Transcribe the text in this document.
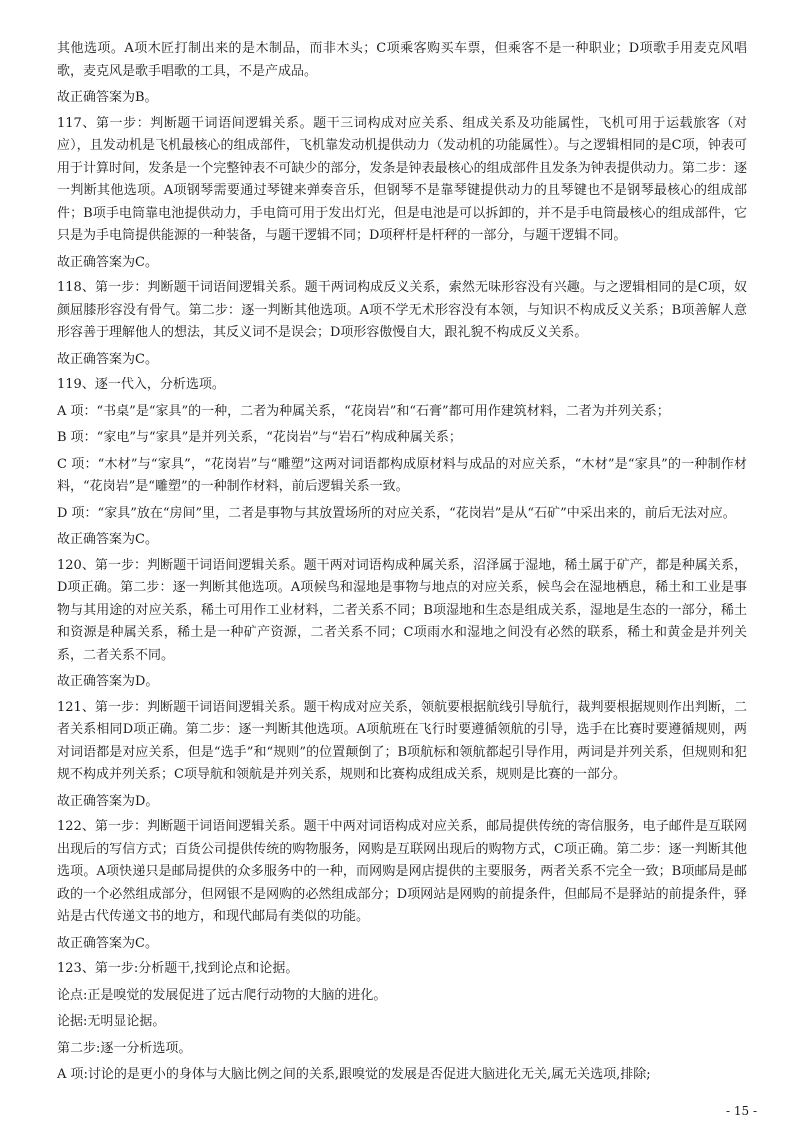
其他选项。A项木匠打制出来的是木制品，而非木头；C项乘客购买车票，但乘客不是一种职业；D项歌手用麦克风唱歌，麦克风是歌手唱歌的工具，不是产成品。

故正确答案为B。

117、第一步：判断题干词语间逻辑关系。题干三词构成对应关系、组成关系及功能属性，飞机可用于运载旅客（对应），且发动机是飞机最核心的组成部件，飞机靠发动机提供动力（发动机的功能属性）。与之逻辑相同的是C项，钟表可用于计算时间，发条是一个完整钟表不可缺少的部分，发条是钟表最核心的组成部件且发条为钟表提供动力。第二步：逐一判断其他选项。A项钢琴需要通过琴键来弹奏音乐，但钢琴不是靠琴键提供动力的且琴键也不是钢琴最核心的组成部件；B项手电筒靠电池提供动力，手电筒可用于发出灯光，但是电池是可以拆卸的，并不是手电筒最核心的组成部件，它只是为手电筒提供能源的一种装备，与题干逻辑不同；D项秤杆是杆秤的一部分，与题干逻辑不同。

故正确答案为C。

118、第一步：判断题干词语间逻辑关系。题干两词构成反义关系，索然无味形容没有兴趣。与之逻辑相同的是C项，奴颜屈膝形容没有骨气。第二步：逐一判断其他选项。A项不学无术形容没有本领，与知识不构成反义关系；B项善解人意形容善于理解他人的想法，其反义词不是误会；D项形容傲慢自大，跟礼貌不构成反义关系。

故正确答案为C。

119、逐一代入，分析选项。

A 项：“书桌”是“家具”的一种，二者为种属关系，“花岗岩”和“石膏”都可用作建筑材料，二者为并列关系；

B 项：“家电”与“家具”是并列关系，“花岗岩”与“岩石”构成种属关系；

C 项：“木材”与“家具”，“花岗岩”与“雕塑”这两对词语都构成原材料与成品的对应关系，“木材”是“家具”的一种制作材料，“花岗岩”是“雕塑”的一种制作材料，前后逻辑关系一致。

D 项：“家具”放在“房间”里，二者是事物与其放置场所的对应关系，“花岗岩”是从“石矿”中采出来的，前后无法对应。

故正确答案为C。

120、第一步：判断题干词语间逻辑关系。题干两对词语构成种属关系，沼泽属于湿地，稀土属于矿产，都是种属关系，D项正确。第二步：逐一判断其他选项。A项候鸟和湿地是事物与地点的对应关系，候鸟会在湿地栖息，稀土和工业是事物与其用途的对应关系，稀土可用作工业材料，二者关系不同；B项湿地和生态是组成关系，湿地是生态的一部分，稀土和资源是种属关系，稀土是一种矿产资源，二者关系不同；C项雨水和湿地之间没有必然的联系，稀土和黄金是并列关系，二者关系不同。

故正确答案为D。

121、第一步：判断题干词语间逻辑关系。题干构成对应关系，领航要根据航线引导航行，裁判要根据规则作出判断，二者关系相同D项正确。第二步：逐一判断其他选项。A项航班在飞行时要遵循领航的引导，选手在比赛时要遵循规则，两对词语都是对应关系，但是“选手”和“规则”的位置颠倒了；B项航标和领航都起引导作用，两词是并列关系，但规则和犯规不构成并列关系；C项导航和领航是并列关系，规则和比赛构成组成关系，规则是比赛的一部分。

故正确答案为D。

122、第一步：判断题干词语间逻辑关系。题干中两对词语构成对应关系，邮局提供传统的寄信服务，电子邮件是互联网出现后的写信方式；百货公司提供传统的购物服务，网购是互联网出现后的购物方式，C项正确。第二步：逐一判断其他选项。A项快递只是邮局提供的众多服务中的一种，而网购是网店提供的主要服务，两者关系不完全一致；B项邮局是邮政的一个必然组成部分，但网银不是网购的必然组成部分；D项网站是网购的前提条件，但邮局不是驿站的前提条件，驿站是古代传递文书的地方，和现代邮局有类似的功能。

故正确答案为C。

123、第一步:分析题干,找到论点和论据。

论点:正是嗅觉的发展促进了远古爬行动物的大脑的进化。

论据:无明显论据。

第二步:逐一分析选项。

A 项:讨论的是更小的身体与大脑比例之间的关系,跟嗅觉的发展是否促进大脑进化无关,属无关选项,排除;

- 15 -
